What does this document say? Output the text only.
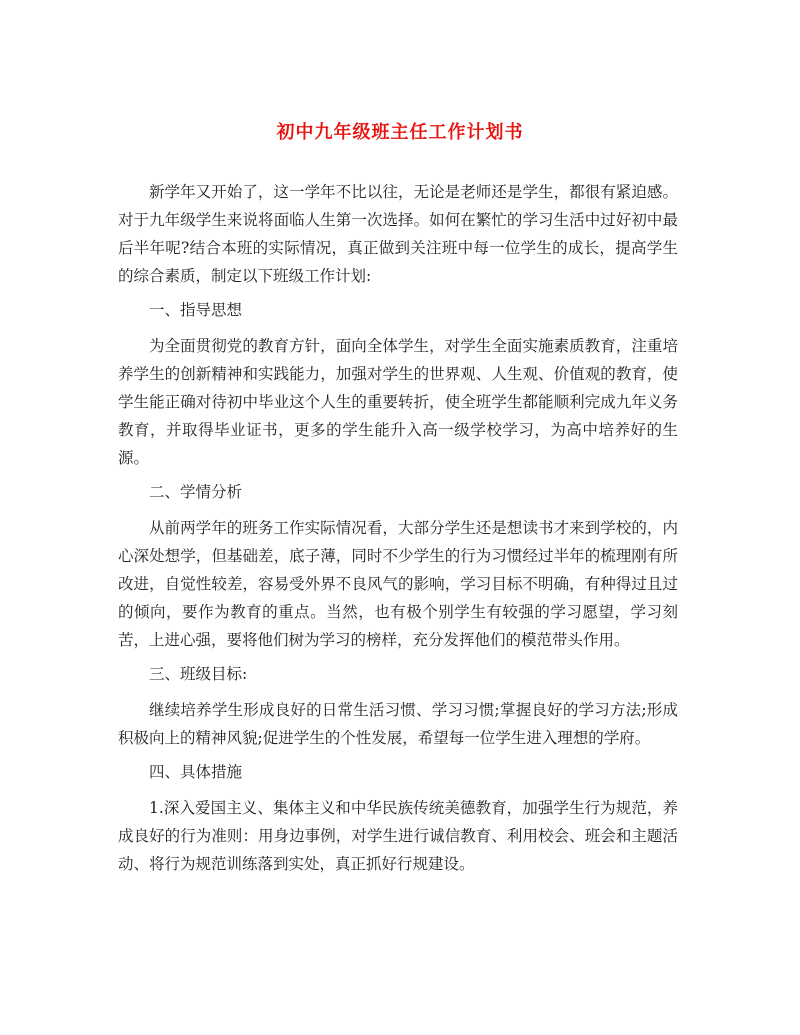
初中九年级班主任工作计划书

新学年又开始了，这一学年不比以往，无论是老师还是学生，都很有紧迫感。对于九年级学生来说将面临人生第一次选择。如何在繁忙的学习生活中过好初中最后半年呢?结合本班的实际情况，真正做到关注班中每一位学生的成长，提高学生的综合素质，制定以下班级工作计划:

一、指导思想

为全面贯彻党的教育方针，面向全体学生，对学生全面实施素质教育，注重培养学生的创新精神和实践能力，加强对学生的世界观、人生观、价值观的教育，使学生能正确对待初中毕业这个人生的重要转折，使全班学生都能顺利完成九年义务教育，并取得毕业证书，更多的学生能升入高一级学校学习，为高中培养好的生源。

二、学情分析

从前两学年的班务工作实际情况看，大部分学生还是想读书才来到学校的，内心深处想学，但基础差，底子薄，同时不少学生的行为习惯经过半年的梳理刚有所改进，自觉性较差，容易受外界不良风气的影响，学习目标不明确，有种得过且过的倾向，要作为教育的重点。当然，也有极个别学生有较强的学习愿望，学习刻苦，上进心强，要将他们树为学习的榜样，充分发挥他们的模范带头作用。

三、班级目标:

继续培养学生形成良好的日常生活习惯、学习习惯;掌握良好的学习方法;形成积极向上的精神风貌;促进学生的个性发展，希望每一位学生进入理想的学府。

四、具体措施

1.深入爱国主义、集体主义和中华民族传统美德教育，加强学生行为规范，养成良好的行为准则：用身边事例，对学生进行诚信教育、利用校会、班会和主题活动、将行为规范训练落到实处，真正抓好行规建设。
